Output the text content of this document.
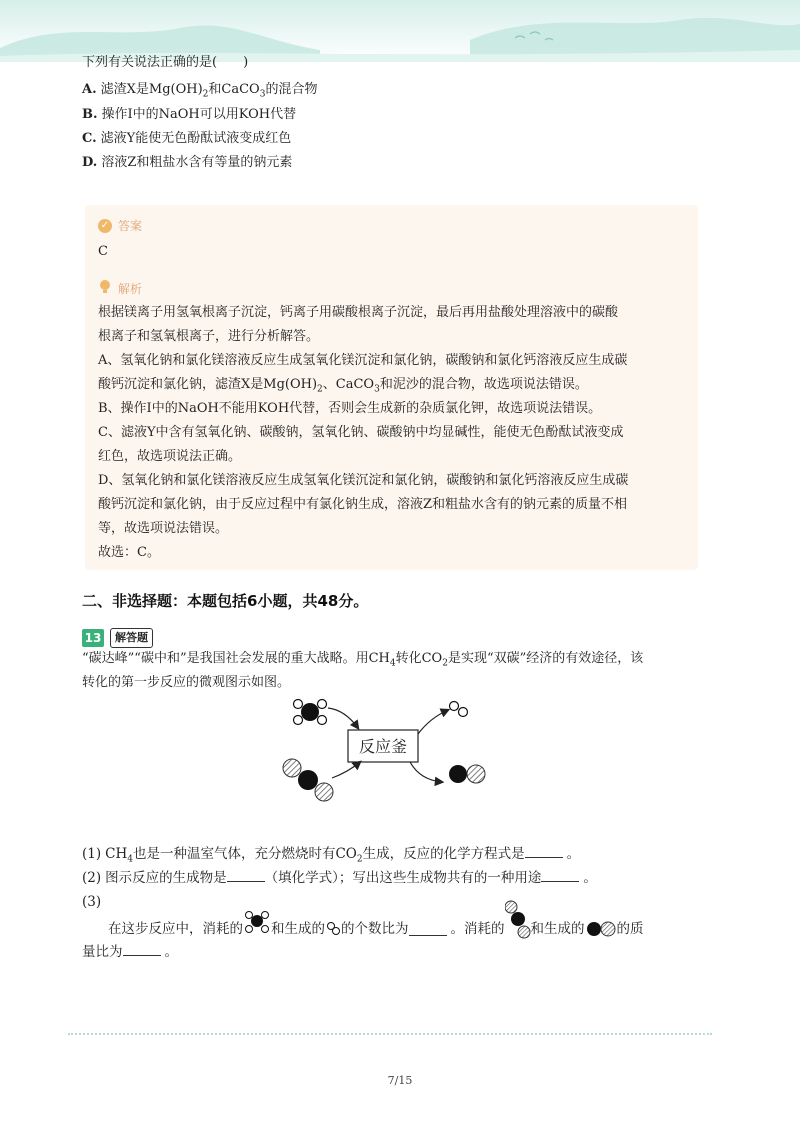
下列有关说法正确的是(　　)
A. 滤渣X是$Mg(OH)_2$和CaCO$_3$的混合物
B. 操作I中的NaOH可以用KOH代替
C. 滤液Y能使无色酚酞试液变成红色
D. 溶液Z和粗盐水含有等量的钠元素
✓ 答案
C
解析
根据镁离子用氢氧根离子沉淀，钙离子用碳酸根离子沉淀，最后再用盐酸处理溶液中的碳酸
根离子和氢氧根离子，进行分析解答。
A、氢氧化钠和氯化镁溶液反应生成氢氧化镁沉淀和氯化钠，碳酸钠和氯化钙溶液反应生成碳
酸钙沉淀和氯化钠，滤渣X是$Mg(OH)_2$、CaCO$_3$和泥沙的混合物，故选项说法错误。
B、操作I中的NaOH不能用KOH代替，否则会生成新的杂质氯化钾，故选项说法错误。
C、滤液Y中含有氢氧化钠、碳酸钠，氢氧化钠、碳酸钠中均显碱性，能使无色酚酞试液变成
红色，故选项说法正确。
D、氢氧化钠和氯化镁溶液反应生成氢氧化镁沉淀和氯化钠，碳酸钠和氯化钙溶液反应生成碳
酸钙沉淀和氯化钠，由于反应过程中有氯化钠生成，溶液Z和粗盐水含有的钠元素的质量不相
等，故选项说法错误。
故选：C。
二、非选择题：本题包括6小题，共48分。
13	解答题
“碳达峰”“碳中和”是我国社会发展的重大战略。用$CH_4$转化$CO_2$是实现“双碳”经济的有效途径，该
转化的第一步反应的微观图示如图。
反应釜
(1) $CH_4$也是一种温室气体，充分燃烧时有$CO_2$生成，反应的化学方程式是	。
(2) 图示反应的生成物是	（填化学式）；写出这些生成物共有的一种用途	。
(3)
在这步反应中，消耗的 和生成的 的个数比为	。消耗的 和生成的 的质
量比为	。
7/15
